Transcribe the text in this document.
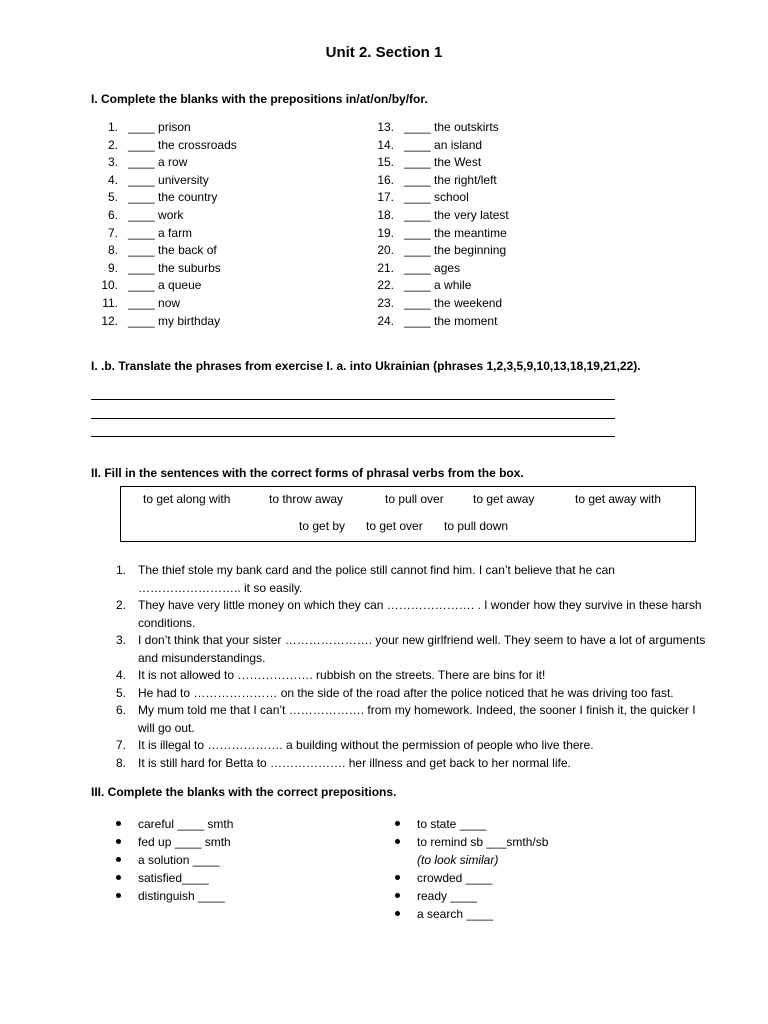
Unit 2. Section 1
I. Complete the blanks with the prepositions in/at/on/by/for.
1. ____ prison
2. ____ the crossroads
3. ____ a row
4. ____ university
5. ____ the country
6. ____ work
7. ____ a farm
8. ____ the back of
9. ____ the suburbs
10. ____ a queue
11. ____ now
12. ____ my birthday
13. ____ the outskirts
14. ____ an island
15. ____ the West
16. ____ the right/left
17. ____ school
18. ____ the very latest
19. ____ the meantime
20. ____ the beginning
21. ____ ages
22. ____ a while
23. ____ the weekend
24. ____ the moment
I. .b. Translate the phrases from exercise I. a. into Ukrainian (phrases 1,2,3,5,9,10,13,18,19,21,22).
II. Fill in the sentences with the correct forms of phrasal verbs from the box.
to get along with	to throw away	to pull over to get away	to get away with
to get by to get over to pull down
1. The thief stole my bank card and the police still cannot find him. I can’t believe that he can …………………….. it so easily.
2. They have very little money on which they can …………………. . I wonder how they survive in these harsh conditions.
3. I don’t think that your sister …………………. your new girlfriend well. They seem to have a lot of arguments and misunderstandings.
4. It is not allowed to ………………. rubbish on the streets. There are bins for it!
5. He had to ………………… on the side of the road after the police noticed that he was driving too fast.
6. My mum told me that I can’t ………………. from my homework. Indeed, the sooner I finish it, the quicker I will go out.
7. It is illegal to ………………. a building without the permission of people who live there.
8. It is still hard for Betta to ………………. her illness and get back to her normal life.
III. Complete the blanks with the correct prepositions.
careful ____ smth
fed up ____ smth
a solution ____
satisfied____
distinguish ____
to state ____
to remind sb ___smth/sb
(to look similar)
crowded ____
ready ____
a search ____
